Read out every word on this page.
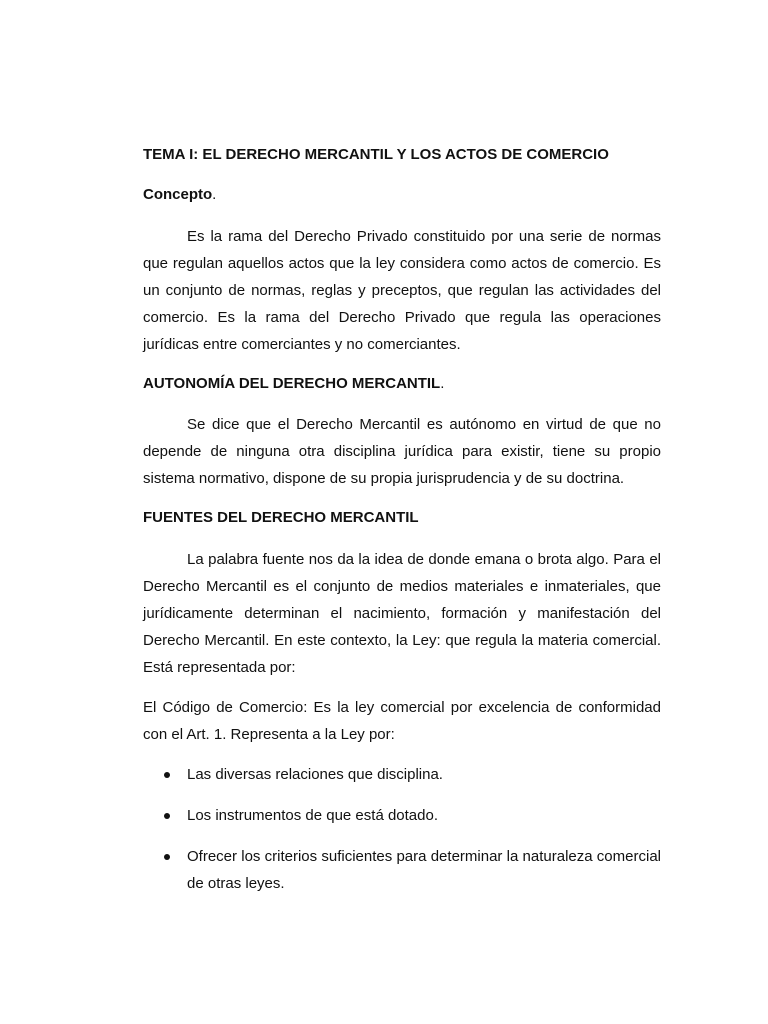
TEMA I: EL DERECHO MERCANTIL Y LOS ACTOS DE COMERCIO
Concepto.

Es la rama del Derecho Privado constituido por una serie de normas que regulan aquellos actos que la ley considera como actos de comercio. Es un conjunto de normas, reglas y preceptos, que regulan las actividades del comercio. Es la rama del Derecho Privado que regula las operaciones jurídicas entre comerciantes y no comerciantes.

AUTONOMÍA DEL DERECHO MERCANTIL.

Se dice que el Derecho Mercantil es autónomo en virtud de que no depende de ninguna otra disciplina jurídica para existir, tiene su propio sistema normativo, dispone de su propia jurisprudencia y de su doctrina.

FUENTES DEL DERECHO MERCANTIL

La palabra fuente nos da la idea de donde emana o brota algo. Para el Derecho Mercantil es el conjunto de medios materiales e inmateriales, que jurídicamente determinan el nacimiento, formación y manifestación del Derecho Mercantil. En este contexto, la Ley: que regula la materia comercial. Está representada por:

El Código de Comercio: Es la ley comercial por excelencia de conformidad con el Art. 1. Representa a la Ley por:

Las diversas relaciones que disciplina.
Los instrumentos de que está dotado.
Ofrecer los criterios suficientes para determinar la naturaleza comercial de otras leyes.
